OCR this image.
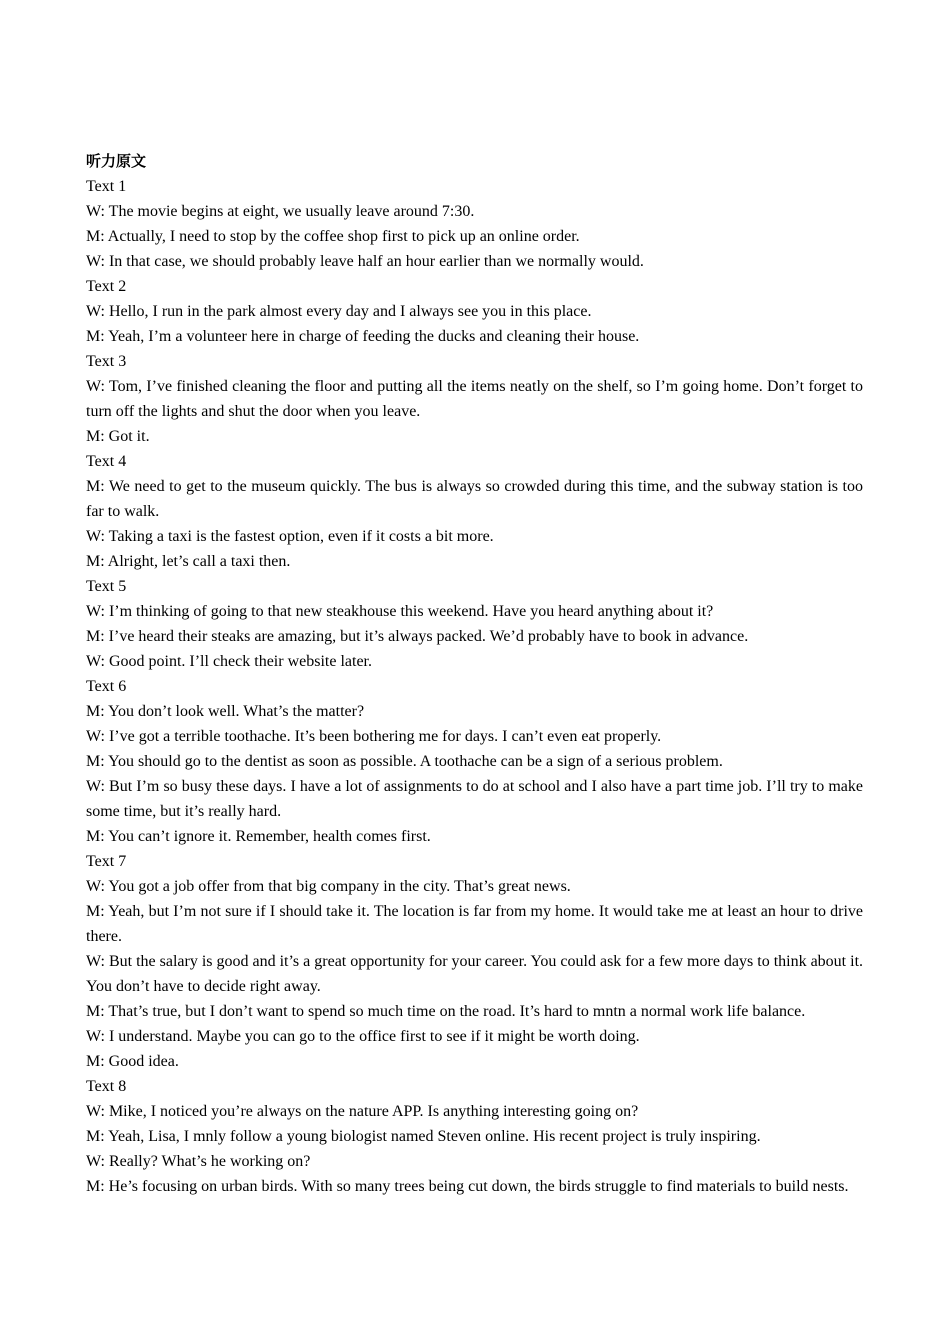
听力原文

Text 1

W: The movie begins at eight, we usually leave around 7:30.

M: Actually, I need to stop by the coffee shop first to pick up an online order.

W: In that case, we should probably leave half an hour earlier than we normally would.

Text 2

W: Hello, I run in the park almost every day and I always see you in this place.

M: Yeah, I’m a volunteer here in charge of feeding the ducks and cleaning their house.

Text 3

W: Tom, I’ve finished cleaning the floor and putting all the items neatly on the shelf, so I’m going home. Don’t forget to turn off the lights and shut the door when you leave.

M: Got it.

Text 4

M: We need to get to the museum quickly. The bus is always so crowded during this time, and the subway station is too far to walk.

W: Taking a taxi is the fastest option, even if it costs a bit more.

M: Alright, let’s call a taxi then.

Text 5

W: I’m thinking of going to that new steakhouse this weekend. Have you heard anything about it?

M: I’ve heard their steaks are amazing, but it’s always packed. We’d probably have to book in advance.

W: Good point. I’ll check their website later.

Text 6

M: You don’t look well. What’s the matter?

W: I’ve got a terrible toothache. It’s been bothering me for days. I can’t even eat properly.

M: You should go to the dentist as soon as possible. A toothache can be a sign of a serious problem.

W: But I’m so busy these days. I have a lot of assignments to do at school and I also have a part time job. I’ll try to make some time, but it’s really hard.

M: You can’t ignore it. Remember, health comes first.

Text 7

W: You got a job offer from that big company in the city. That’s great news.

M: Yeah, but I’m not sure if I should take it. The location is far from my home. It would take me at least an hour to drive there.

W: But the salary is good and it’s a great opportunity for your career. You could ask for a few more days to think about it. You don’t have to decide right away.

M: That’s true, but I don’t want to spend so much time on the road. It’s hard to mntn a normal work life balance.

W: I understand. Maybe you can go to the office first to see if it might be worth doing.

M: Good idea.

Text 8

W: Mike, I noticed you’re always on the nature APP. Is anything interesting going on?

M: Yeah, Lisa, I mnly follow a young biologist named Steven online. His recent project is truly inspiring.

W: Really? What’s he working on?

M: He’s focusing on urban birds. With so many trees being cut down, the birds struggle to find materials to build nests.
